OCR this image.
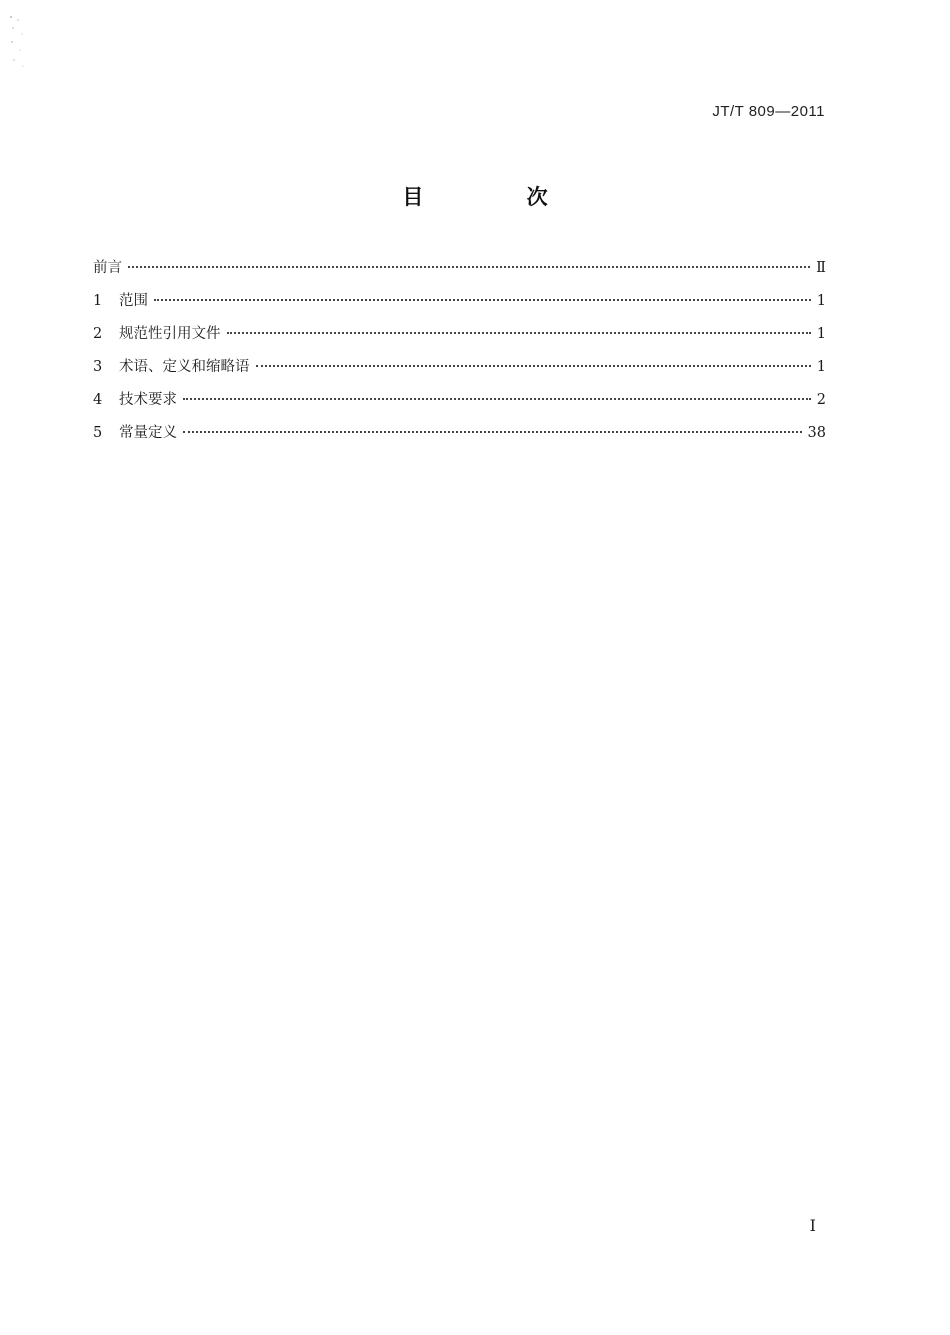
JT/T 809—2011
目 次
前言	Ⅱ
1	范围	1
2	规范性引用文件	1
3	术语、定义和缩略语	1
4	技术要求	2
5	常量定义	38
Ⅰ
